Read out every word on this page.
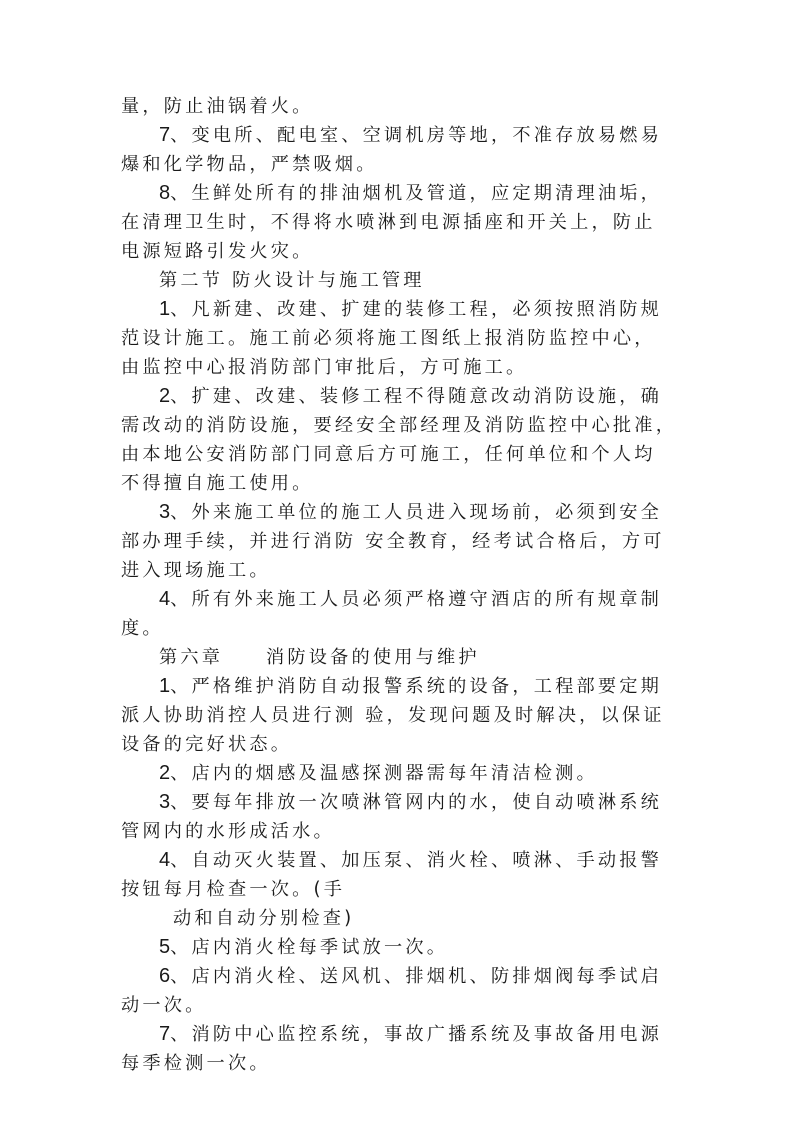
量，防止油锅着火。
7、变电所、配电室、空调机房等地，不准存放易燃易
爆和化学物品，严禁吸烟。
8、生鲜处所有的排油烟机及管道，应定期清理油垢，
在清理卫生时，不得将水喷淋到电源插座和开关上，防止
电源短路引发火灾。
第二节 防火设计与施工管理
1、凡新建、改建、扩建的装修工程，必须按照消防规
范设计施工。施工前必须将施工图纸上报消防监控中心，
由监控中心报消防部门审批后，方可施工。
2、扩建、改建、装修工程不得随意改动消防设施，确
需改动的消防设施，要经安全部经理及消防监控中心批准，
由本地公安消防部门同意后方可施工，任何单位和个人均
不得擅自施工使用。
3、外来施工单位的施工人员进入现场前，必须到安全
部办理手续，并进行消防 安全教育，经考试合格后，方可
进入现场施工。
4、所有外来施工人员必须严格遵守酒店的所有规章制
度。
第六章　　消防设备的使用与维护
1、严格维护消防自动报警系统的设备，工程部要定期
派人协助消控人员进行测 验，发现问题及时解决，以保证
设备的完好状态。
2、店内的烟感及温感探测器需每年清洁检测。
3、要每年排放一次喷淋管网内的水，使自动喷淋系统
管网内的水形成活水。
4、自动灭火装置、加压泵、消火栓、喷淋、手动报警
按钮每月检查一次。(手
动和自动分别检查)
5、店内消火栓每季试放一次。
6、店内消火栓、送风机、排烟机、防排烟阀每季试启
动一次。
7、消防中心监控系统，事故广播系统及事故备用电源
每季检测一次。
